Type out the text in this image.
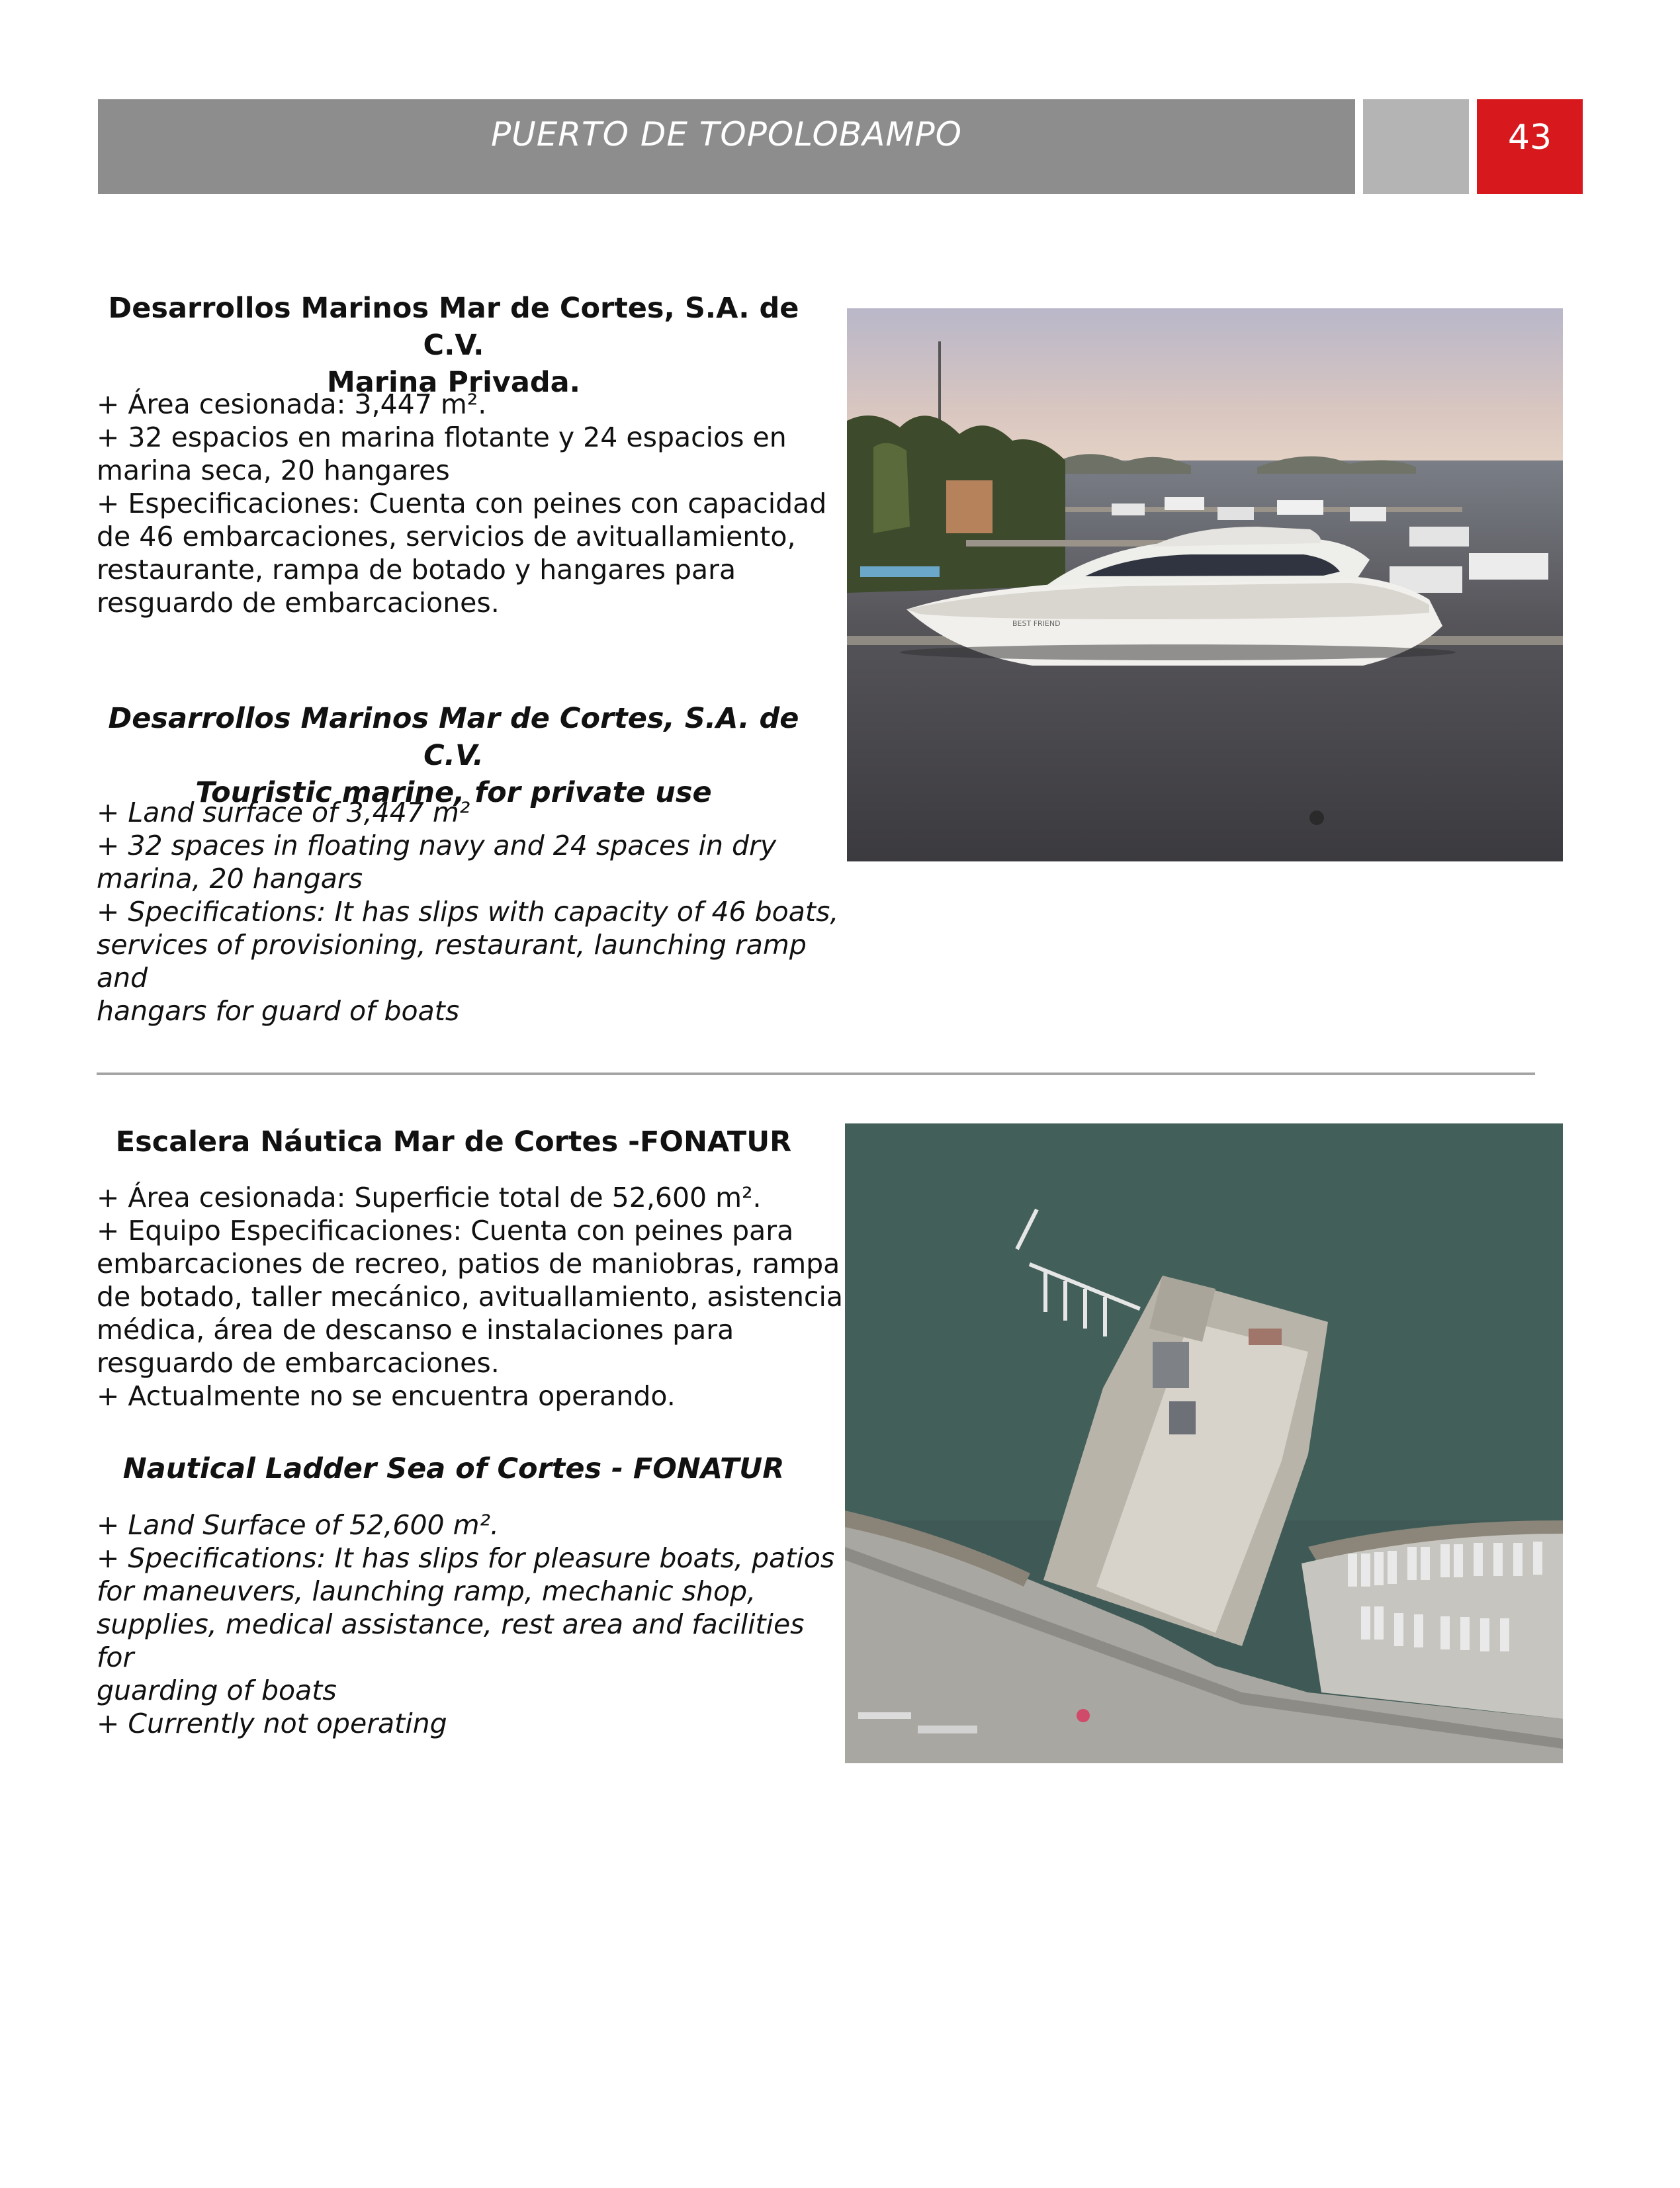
PUERTO DE TOPOLOBAMPO	43
Desarrollos Marinos Mar de Cortes, S.A. de C.V.
Marina Privada.
+ Área cesionada: 3,447 m².
+ 32 espacios en marina flotante y 24 espacios en
marina seca, 20 hangares
+ Especificaciones: Cuenta con peines con capacidad
de 46 embarcaciones, servicios de avituallamiento,
restaurante, rampa de botado y hangares para
resguardo de embarcaciones.
Desarrollos Marinos Mar de Cortes, S.A. de C.V.
Touristic marine, for private use
+ Land surface of 3,447 m²
+ 32 spaces in floating navy and 24 spaces in dry
marina, 20 hangars
+ Specifications: It has slips with capacity of 46 boats,
services of provisioning, restaurant, launching ramp and
hangars for guard of boats
BEST FRIEND
Escalera Náutica Mar de Cortes -FONATUR
+ Área cesionada: Superficie total de 52,600 m².
+ Equipo Especificaciones: Cuenta con peines para
embarcaciones de recreo, patios de maniobras, rampa
de botado, taller mecánico, avituallamiento, asistencia
médica, área de descanso e instalaciones para
resguardo de embarcaciones.
+ Actualmente no se encuentra operando.
Nautical Ladder Sea of Cortes - FONATUR
+ Land Surface of 52,600 m².
+ Specifications: It has slips for pleasure boats, patios
for maneuvers, launching ramp, mechanic shop,
supplies, medical assistance, rest area and facilities for
guarding of boats
+ Currently not operating
